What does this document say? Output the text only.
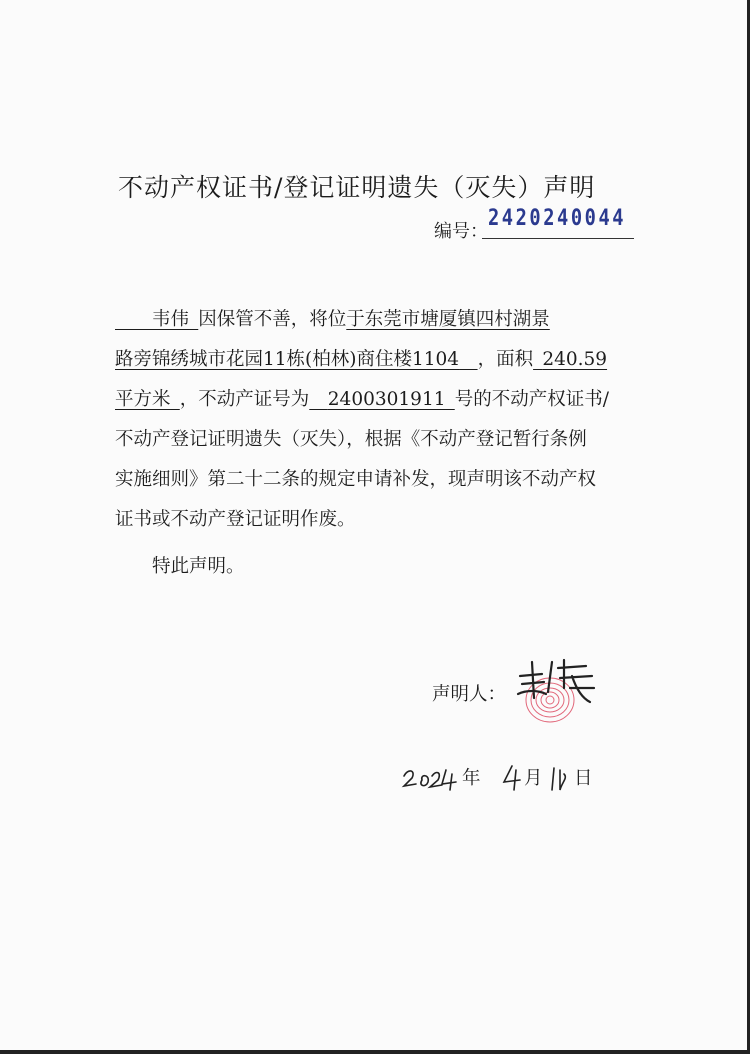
不动产权证书/登记证明遗失（灭失）声明
编号：
2420240044
  韦伟  因保管不善，将位于东莞市塘厦镇四村湖景
路旁锦绣城市花园11栋(柏林)商住楼1104  ，面积  240.59
平方米  ，不动产证号为  2400301911  号的不动产权证书/
不动产登记证明遗失（灭失），根据《不动产登记暂行条例
实施细则》第二十二条的规定申请补发，现声明该不动产权
证书或不动产登记证明作废。
特此声明。
声明人：
年 月 日
